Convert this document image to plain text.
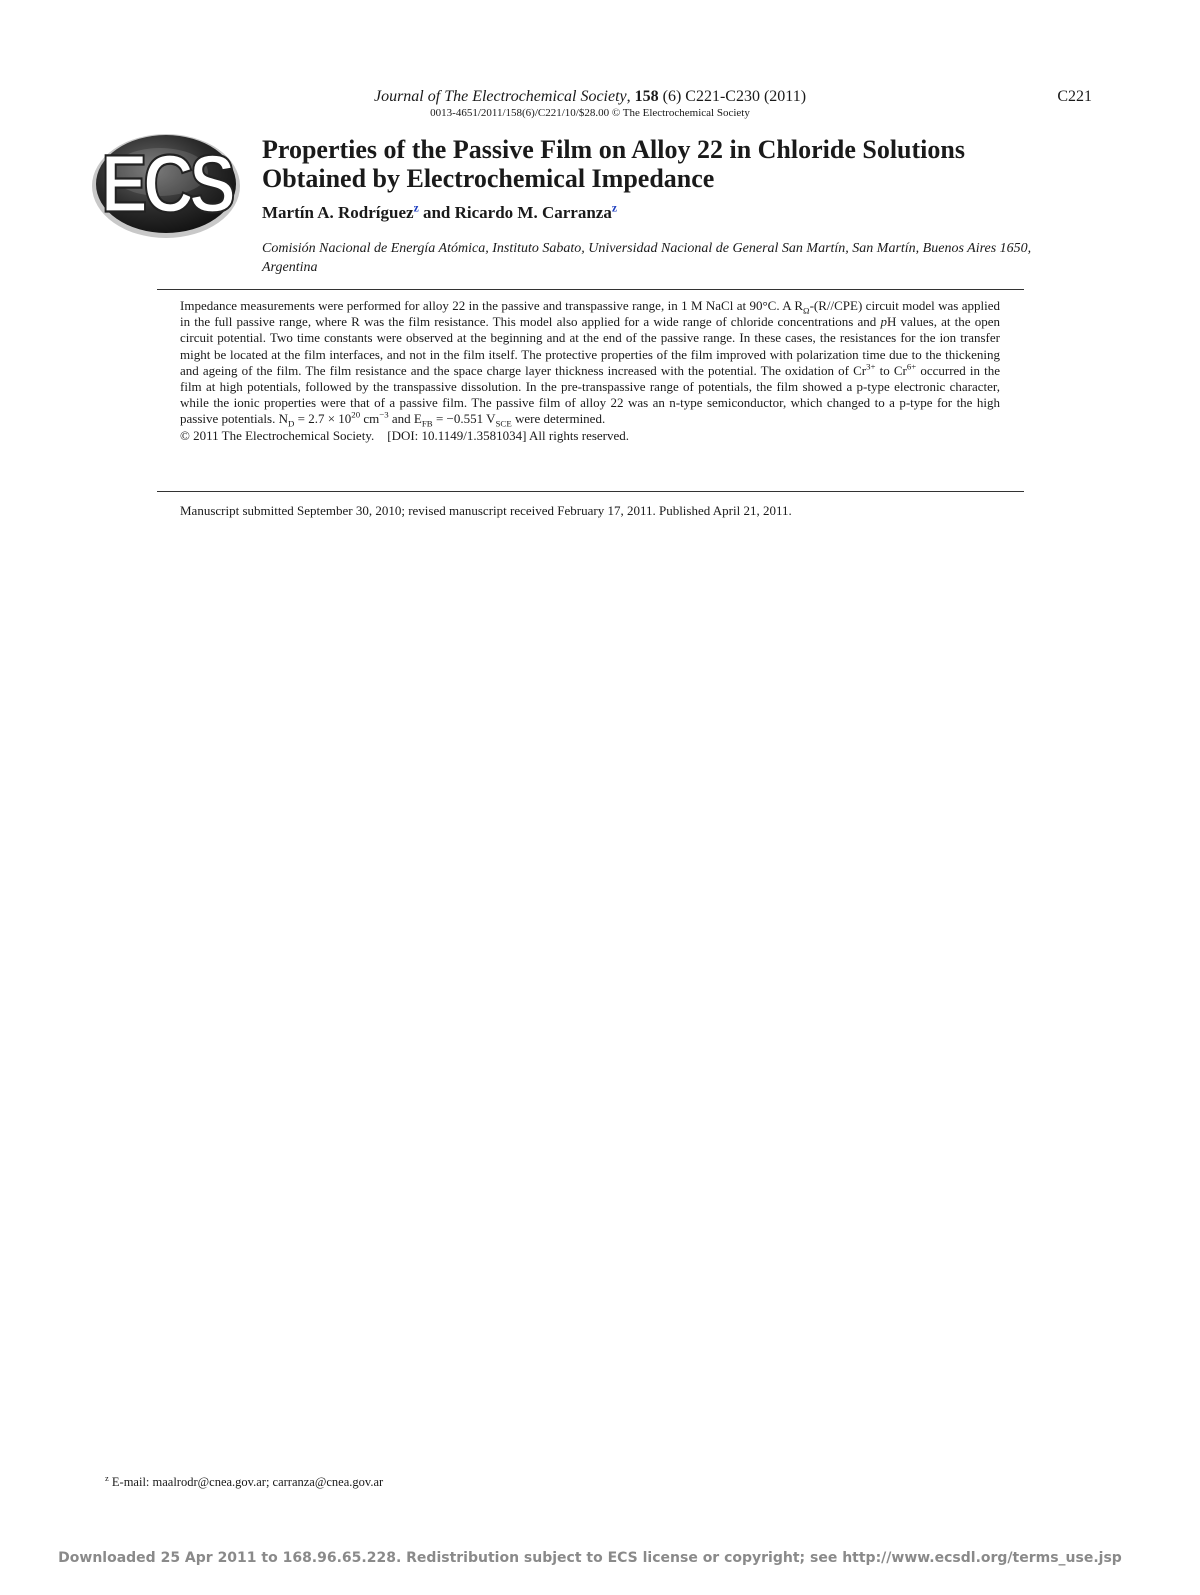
Journal of The Electrochemical Society, 158 (6) C221-C230 (2011)
0013-4651/2011/158(6)/C221/10/$28.00 © The Electrochemical Society
C221
ECS Properties of the Passive Film on Alloy 22 in Chloride Solutions Obtained by Electrochemical Impedance
Martín A. Rodríguez$^z$ and Ricardo M. Carranza$^z$
Comisión Nacional de Energía Atómica, Instituto Sabato, Universidad Nacional de General San Martín, San Martín, Buenos Aires 1650, Argentina
Impedance measurements were performed for alloy 22 in the passive and transpassive range, in 1 M NaCl at 90°C. A $R_\Omega-(R//CPE)$ circuit model was applied in the full passive range, where R was the film resistance. This model also applied for a wide range of chloride concentrations and pH values, at the open circuit potential. Two time constants were observed at the beginning and at the end of the passive range. In these cases, the resistances for the ion transfer might be located at the film interfaces, and not in the film itself. The protective properties of the film improved with polarization time due to the thickening and ageing of the film. The film resistance and the space charge layer thickness increased with the potential. The oxidation of $Cr^{3+}$ to $Cr^{6+}$ occurred in the film at high potentials, followed by the transpassive dissolution. In the pre-transpassive range of potentials, the film showed a p-type electronic character, while the ionic properties were that of a passive film. The passive film of alloy 22 was an n-type semiconductor, which changed to a p-type for the high passive potentials. $N_D = 2.7 \times 10^{20}$ $cm^{-3}$ and $E_{FB} = -0.551$ $V_{SCE}$ were determined.
© 2011 The Electrochemical Society. [DOI: 10.1149/1.3581034] All rights reserved.
Manuscript submitted September 30, 2010; revised manuscript received February 17, 2011. Published April 21, 2011.
$^z$ E-mail: maalrodr@cnea.gov.ar; carranza@cnea.gov.ar
Downloaded 25 Apr 2011 to 168.96.65.228. Redistribution subject to ECS license or copyright; see http://www.ecsdl.org/terms_use.jsp
